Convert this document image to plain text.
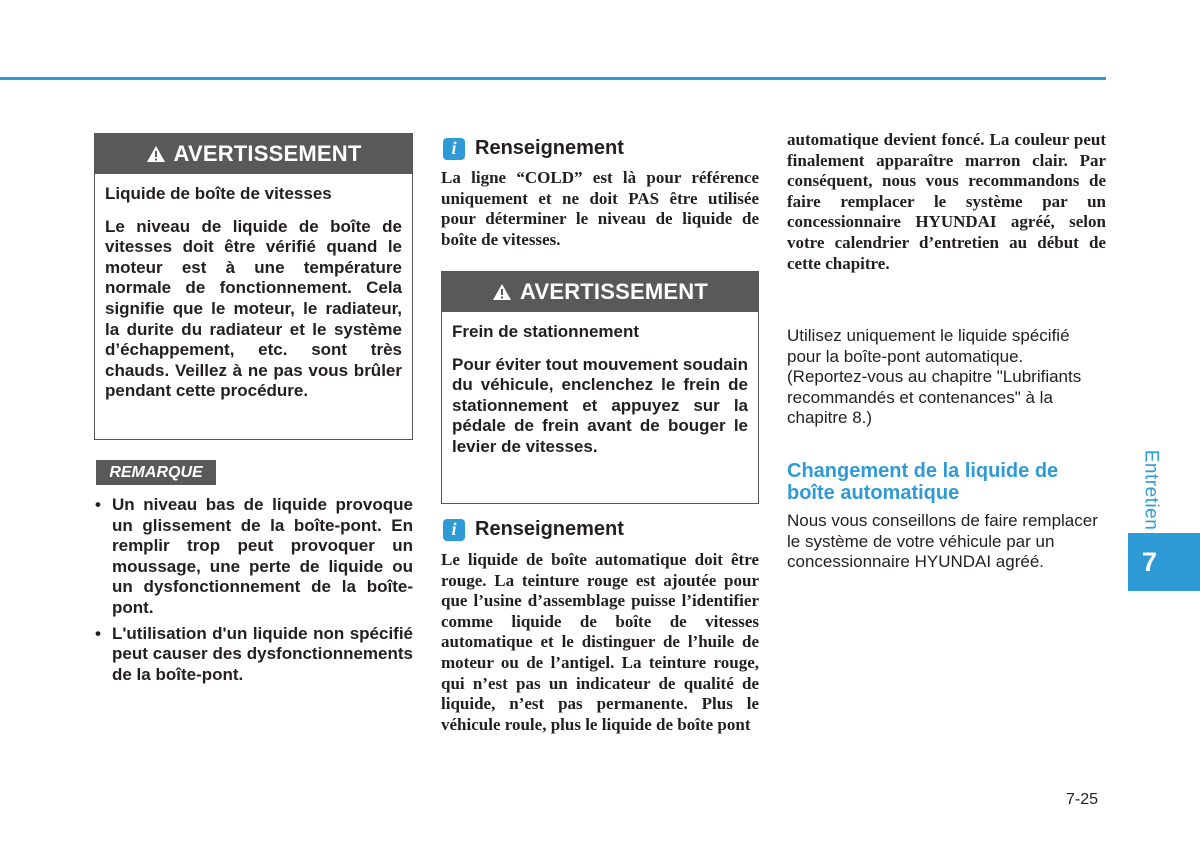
AVERTISSEMENT
Liquide de boîte de vitesses
Le niveau de liquide de boîte de vitesses doit être vérifié quand le moteur est à une température normale de fonctionnement. Cela signifie que le moteur, le radiateur, la durite du radiateur et le système d’échappement, etc. sont très chauds. Veillez à ne pas vous brûler pendant cette procédure.
REMARQUE
• Un niveau bas de liquide provoque un glissement de la boîte-pont. En remplir trop peut provoquer un moussage, une perte de liquide ou un dysfonctionnement de la boîte-pont.
• L'utilisation d'un liquide non spécifié peut causer des dysfonctionnements de la boîte-pont.
i Renseignement
La ligne “COLD” est là pour référence uniquement et ne doit PAS être utilisée pour déterminer le niveau de liquide de boîte de vitesses.
AVERTISSEMENT
Frein de stationnement
Pour éviter tout mouvement soudain du véhicule, enclenchez le frein de stationnement et appuyez sur la pédale de frein avant de bouger le levier de vitesses.
i Renseignement
Le liquide de boîte automatique doit être rouge. La teinture rouge est ajoutée pour que l’usine d’assemblage puisse l’identifier comme liquide de boîte de vitesses automatique et le distinguer de l’huile de moteur ou de l’antigel. La teinture rouge, qui n’est pas un indicateur de qualité de liquide, n’est pas permanente. Plus le véhicule roule, plus le liquide de boîte pont
automatique devient foncé. La couleur peut finalement apparaître marron clair. Par conséquent, nous vous recommandons de faire remplacer le système par un concessionnaire HYUNDAI agréé, selon votre calendrier d’entretien au début de cette chapitre.
Utilisez uniquement le liquide spécifié pour la boîte-pont automatique. (Reportez-vous au chapitre "Lubrifiants recommandés et contenances" à la chapitre 8.)
Changement de la liquide de boîte automatique
Nous vous conseillons de faire remplacer le système de votre véhicule par un concessionnaire HYUNDAI agréé.
Entretien
7
7-25
